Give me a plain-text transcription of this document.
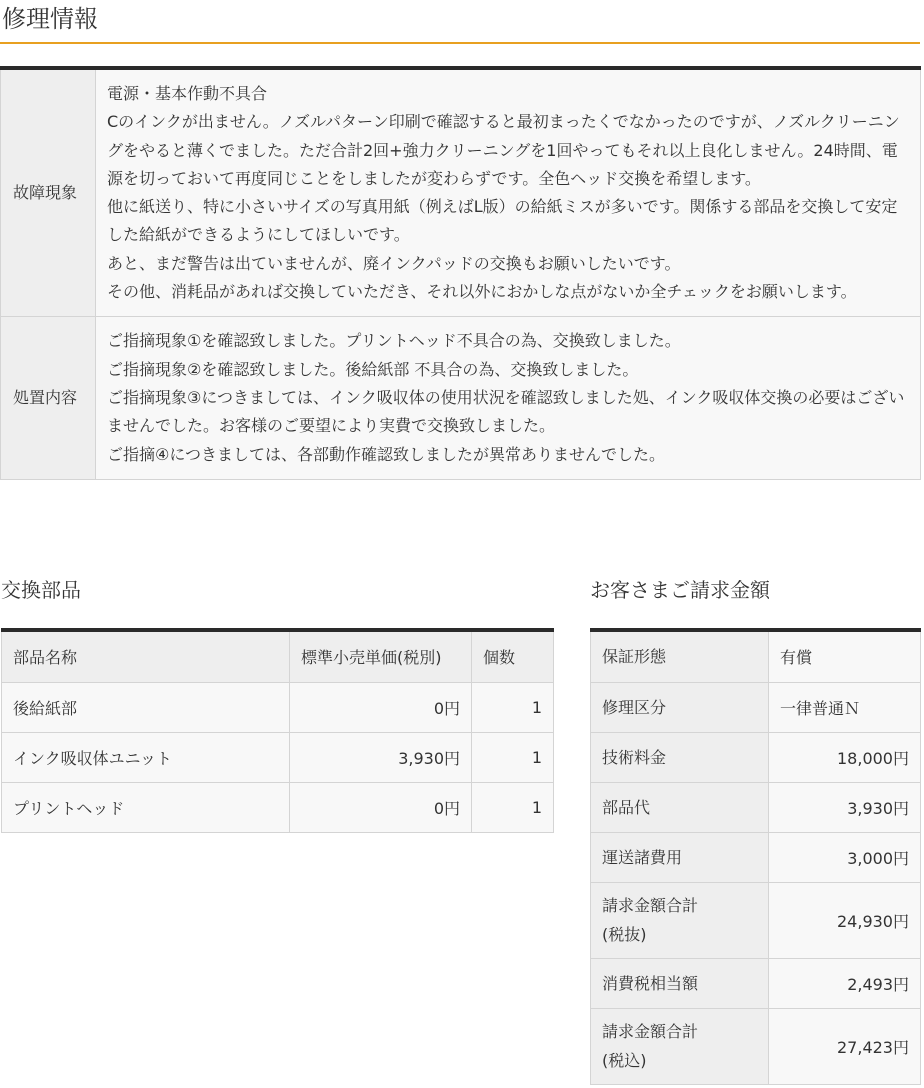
修理情報
故障現象	電源・基本作動不具合
Cのインクが出ません。ノズルパターン印刷で確認すると最初まったくでなかったのですが、ノズルクリーニングをやると薄くでました。ただ合計2回+強力クリーニングを1回やってもそれ以上良化しません。24時間、電源を切っておいて再度同じことをしましたが変わらずです。全色ヘッド交換を希望します。
他に紙送り、特に小さいサイズの写真用紙（例えばL版）の給紙ミスが多いです。関係する部品を交換して安定した給紙ができるようにしてほしいです。
あと、まだ警告は出ていませんが、廃インクパッドの交換もお願いしたいです。
その他、消耗品があれば交換していただき、それ以外におかしな点がないか全チェックをお願いします。

処置内容	ご指摘現象①を確認致しました。プリントヘッド不具合の為、交換致しました。
ご指摘現象②を確認致しました。後給紙部 不具合の為、交換致しました。
ご指摘現象③につきましては、インク吸収体の使用状況を確認致しました処、インク吸収体交換の必要はございませんでした。お客様のご要望により実費で交換致しました。
ご指摘④につきましては、各部動作確認致しましたが異常ありませんでした。
交換部品	お客さまご請求金額
部品名称	標準小売単価(税別)	個数
後給紙部	0円	1
インク吸収体ユニット	3,930円	1
プリントヘッド	0円	1
保証形態	有償
修理区分	一律普通Ｎ
技術料金	18,000円
部品代	3,930円
運送諸費用	3,000円

請求金額合計
(税抜)	24,930円
消費税相当額	2,493円

請求金額合計
(税込)	27,423円
